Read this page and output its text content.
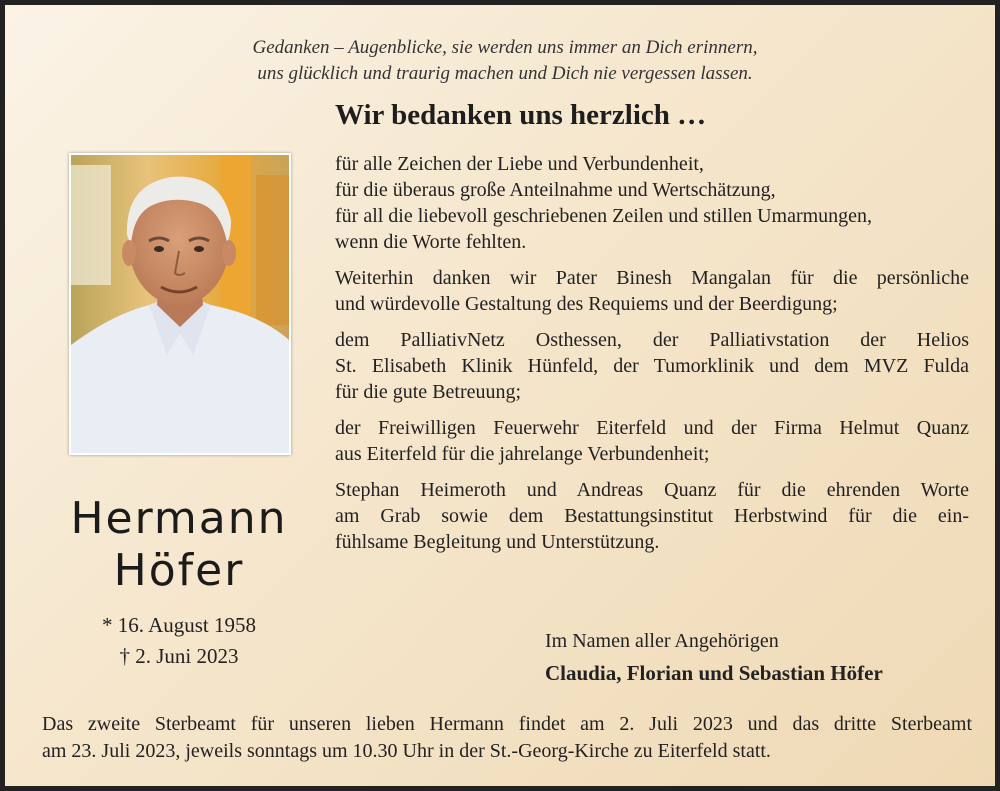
Gedanken – Augenblicke, sie werden uns immer an Dich erinnern,
uns glücklich und traurig machen und Dich nie vergessen lassen.
Wir bedanken uns herzlich …
Hermann
Höfer
* 16. August 1958
† 2. Juni 2023

für alle Zeichen der Liebe und Verbundenheit,
für die überaus große Anteilnahme und Wertschätzung,
für all die liebevoll geschriebenen Zeilen und stillen Umarmungen,
wenn die Worte fehlten.

Weiterhin danken wir Pater Binesh Mangalan für die persönliche
und würdevolle Gestaltung des Requiems und der Beerdigung;

dem PalliativNetz Osthessen, der Palliativstation der Helios
St. Elisabeth Klinik Hünfeld, der Tumorklinik und dem MVZ Fulda
für die gute Betreuung;

der Freiwilligen Feuerwehr Eiterfeld und der Firma Helmut Quanz
aus Eiterfeld für die jahrelange Verbundenheit;

Stephan Heimeroth und Andreas Quanz für die ehrenden Worte
am Grab sowie dem Bestattungsinstitut Herbstwind für die ein-
fühlsame Begleitung und Unterstützung.

Im Namen aller Angehörigen
Claudia, Florian und Sebastian Höfer
Das zweite Sterbeamt für unseren lieben Hermann findet am 2. Juli 2023 und das dritte Sterbeamt
am 23. Juli 2023, jeweils sonntags um 10.30 Uhr in der St.-Georg-Kirche zu Eiterfeld statt.
